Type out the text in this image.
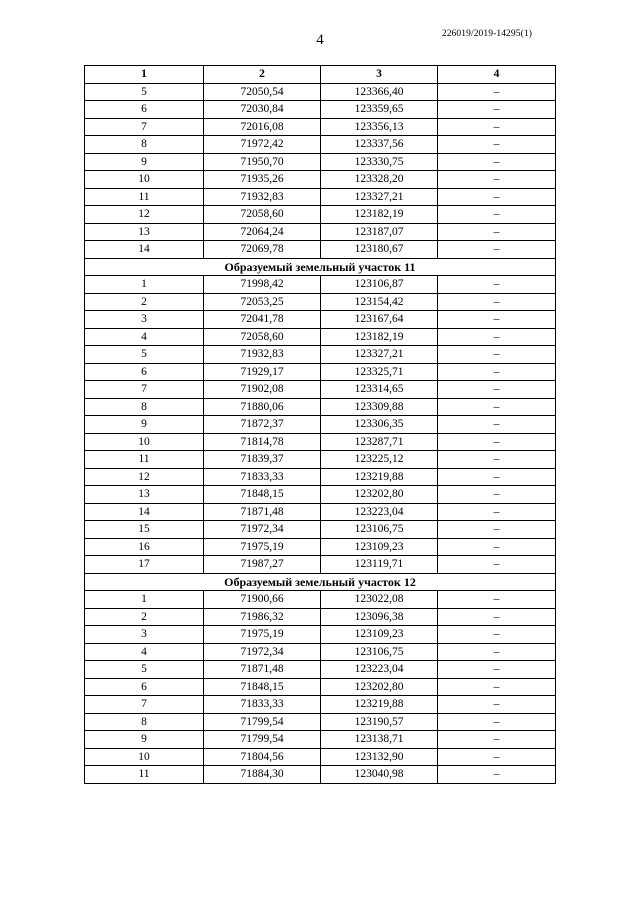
4	226019/2019-14295(1)
1	2	3	4
5	72050,54	123366,40	–
6	72030,84	123359,65	–
7	72016,08	123356,13	–
8	71972,42	123337,56	–
9	71950,70	123330,75	–
10	71935,26	123328,20	–
11	71932,83	123327,21	–
12	72058,60	123182,19	–
13	72064,24	123187,07	–
14	72069,78	123180,67	–
Образуемый земельный участок 11			
1	71998,42	123106,87	–
2	72053,25	123154,42	–
3	72041,78	123167,64	–
4	72058,60	123182,19	–
5	71932,83	123327,21	–
6	71929,17	123325,71	–
7	71902,08	123314,65	–
8	71880,06	123309,88	–
9	71872,37	123306,35	–
10	71814,78	123287,71	–
11	71839,37	123225,12	–
12	71833,33	123219,88	–
13	71848,15	123202,80	–
14	71871,48	123223,04	–
15	71972,34	123106,75	–
16	71975,19	123109,23	–
17	71987,27	123119,71	–
Образуемый земельный участок 12			
1	71900,66	123022,08	–
2	71986,32	123096,38	–
3	71975,19	123109,23	–
4	71972,34	123106,75	–
5	71871,48	123223,04	–
6	71848,15	123202,80	–
7	71833,33	123219,88	–
8	71799,54	123190,57	–
9	71799,54	123138,71	–
10	71804,56	123132,90	–
11	71884,30	123040,98	–
